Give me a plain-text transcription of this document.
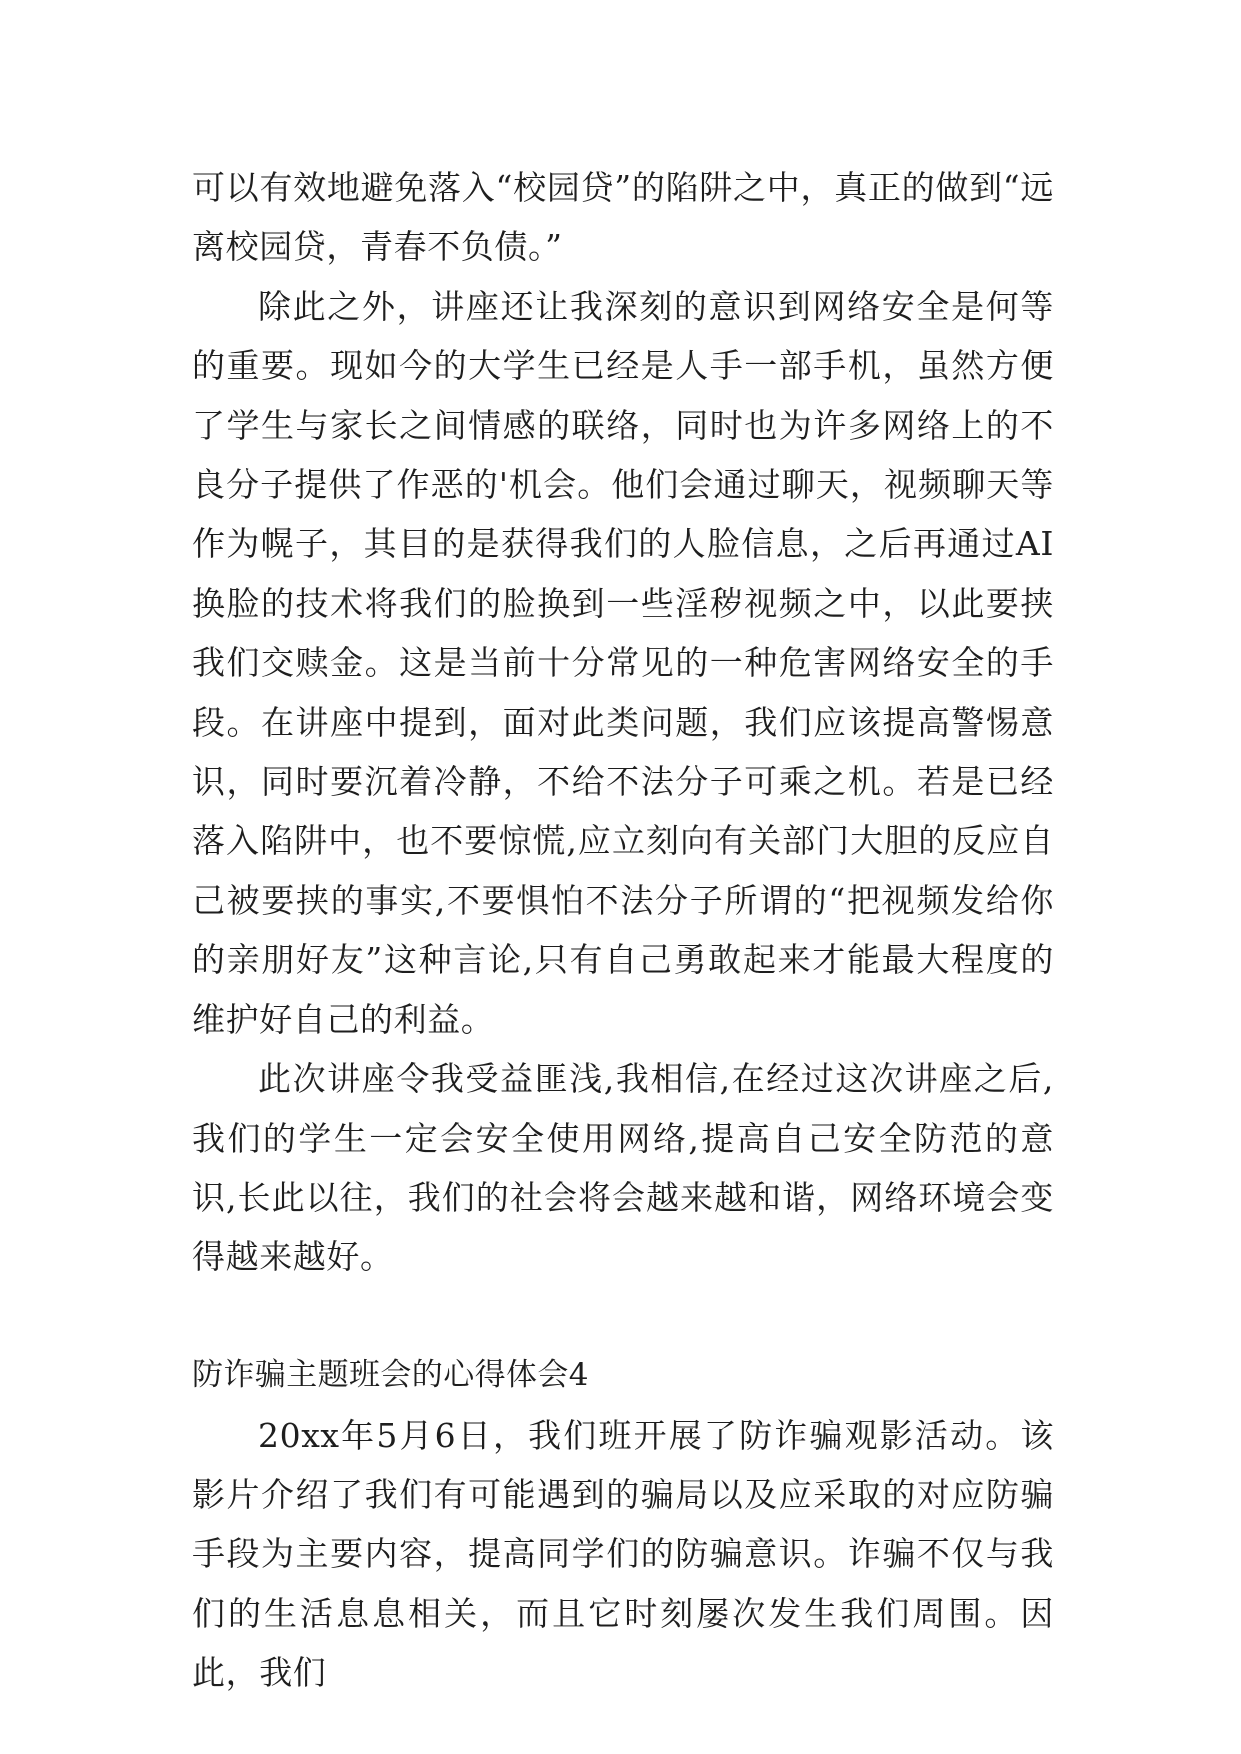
可以有效地避免落入“校园贷”的陷阱之中，真正的做到“远离校园贷，青春不负债。”

除此之外，讲座还让我深刻的意识到网络安全是何等的重要。现如今的大学生已经是人手一部手机，虽然方便了学生与家长之间情感的联络，同时也为许多网络上的不良分子提供了作恶的'机会。他们会通过聊天，视频聊天等作为幌子，其目的是获得我们的人脸信息，之后再通过AI换脸的技术将我们的脸换到一些淫秽视频之中，以此要挟我们交赎金。这是当前十分常见的一种危害网络安全的手段。在讲座中提到，面对此类问题，我们应该提高警惕意识，同时要沉着冷静，不给不法分子可乘之机。若是已经落入陷阱中，也不要惊慌,应立刻向有关部门大胆的反应自己被要挟的事实,不要惧怕不法分子所谓的“把视频发给你的亲朋好友”这种言论,只有自己勇敢起来才能最大程度的维护好自己的利益。

此次讲座令我受益匪浅,我相信,在经过这次讲座之后,我们的学生一定会安全使用网络,提高自己安全防范的意识,长此以往，我们的社会将会越来越和谐，网络环境会变得越来越好。

防诈骗主题班会的心得体会4

20xx年5月6日，我们班开展了防诈骗观影活动。该影片介绍了我们有可能遇到的骗局以及应采取的对应防骗手段为主要内容，提高同学们的防骗意识。诈骗不仅与我们的生活息息相关，而且它时刻屡次发生我们周围。因此，我们
